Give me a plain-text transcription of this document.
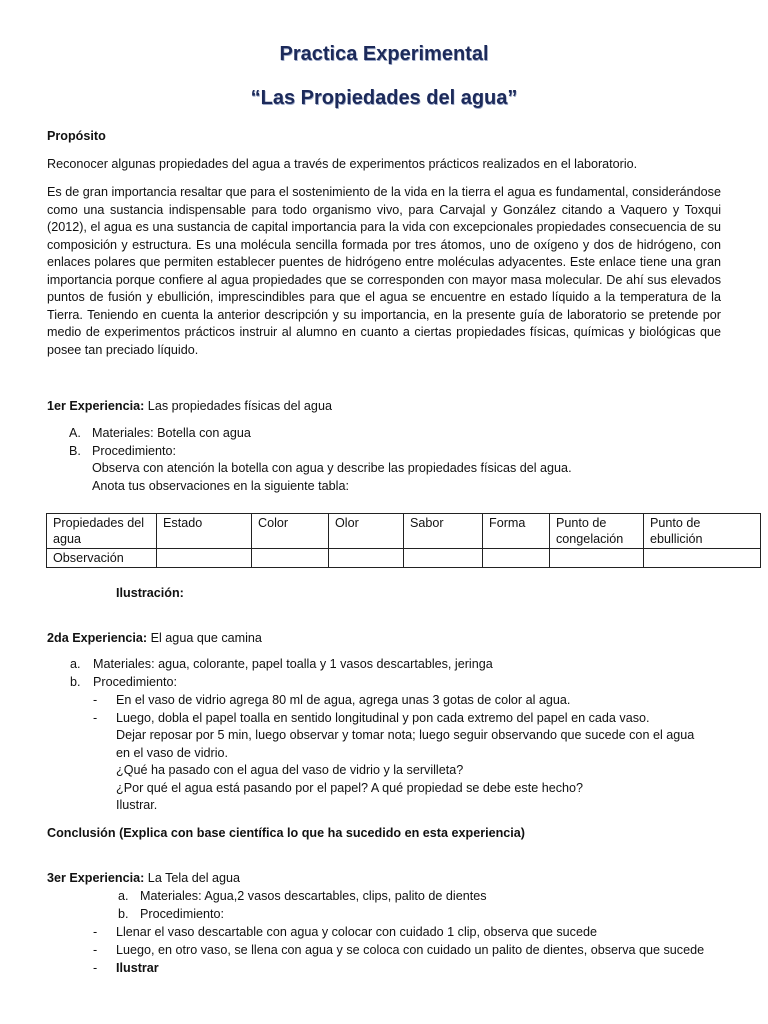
Practica Experimental
“Las Propiedades del agua”
Propósito
Reconocer algunas propiedades del agua a través de experimentos prácticos realizados en el laboratorio.
Es de gran importancia resaltar que para el sostenimiento de la vida en la tierra el agua es fundamental, considerándose como una sustancia indispensable para todo organismo vivo, para Carvajal y González citando a Vaquero y Toxqui (2012), el agua es una sustancia de capital importancia para la vida con excepcionales propiedades consecuencia de su composición y estructura. Es una molécula sencilla formada por tres átomos, uno de oxígeno y dos de hidrógeno, con enlaces polares que permiten establecer puentes de hidrógeno entre moléculas adyacentes. Este enlace tiene una gran importancia porque confiere al agua propiedades que se corresponden con mayor masa molecular. De ahí sus elevados puntos de fusión y ebullición, imprescindibles para que el agua se encuentre en estado líquido a la temperatura de la Tierra. Teniendo en cuenta la anterior descripción y su importancia, en la presente guía de laboratorio se pretende por medio de experimentos prácticos instruir al alumno en cuanto a ciertas propiedades físicas, químicas y biológicas que posee tan preciado líquido.
1er Experiencia: Las propiedades físicas del agua
A. Materiales: Botella con agua
B. Procedimiento:
Observa con atención la botella con agua y describe las propiedades físicas del agua.
Anota tus observaciones en la siguiente tabla:
Propiedades del agua	Estado	Color	Olor	Sabor	Forma	Punto de congelación	Punto de ebullición
Observación							
Ilustración:
2da Experiencia: El agua que camina
a. Materiales: agua, colorante, papel toalla y 1 vasos descartables, jeringa
b. Procedimiento:
- En el vaso de vidrio agrega 80 ml de agua, agrega unas 3 gotas de color al agua.
- Luego, dobla el papel toalla en sentido longitudinal y pon cada extremo del papel en cada vaso.
Dejar reposar por 5 min, luego observar y tomar nota; luego seguir observando que sucede con el agua
en el vaso de vidrio.
¿Qué ha pasado con el agua del vaso de vidrio y la servilleta?
¿Por qué el agua está pasando por el papel? A qué propiedad se debe este hecho?
Ilustrar.
Conclusión (Explica con base científica lo que ha sucedido en esta experiencia)
3er Experiencia: La Tela del agua
a. Materiales: Agua,2 vasos descartables, clips, palito de dientes
b. Procedimiento:
- Llenar el vaso descartable con agua y colocar con cuidado 1 clip, observa que sucede
- Luego, en otro vaso, se llena con agua y se coloca con cuidado un palito de dientes, observa que sucede
- Ilustrar
